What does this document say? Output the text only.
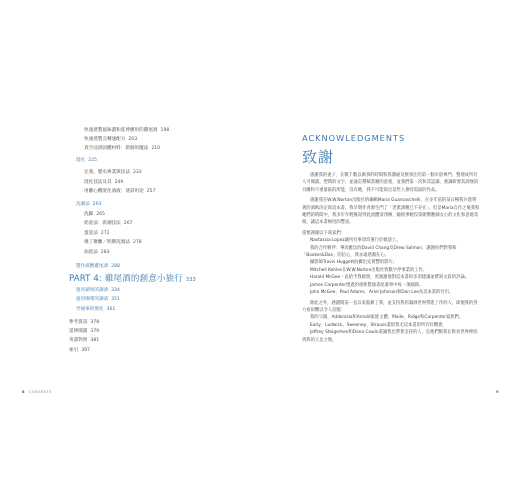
快速建製風味濃和延伸應用的雞尾酒 198
快速建製完轉速配方 203
真空浸漬固體材料：新鮮的魔法 210
澄化 225
定義、歷史專業與技法 233
澄化技法及其 249
用離心機澄化酒液：迷彩用途 257
洗滌法 263
洗脚 265
奶洗法：新潮技法 267
蛋洗法 272
幾丁聚醣／明膠洗滌法 278
油洗法 283
製作碳酸雞尾酒 288
PART 4: 雞尾酒的創意小旅行 333
運用蘋果的調酒 334
運用咖啡的調酒 351
琴通寧的變化 361
參考資訊 378
延伸閱讀 379
英譯對照 381
索引 397
8 CONTENTS
ACKNOWLEDGMENTS
致謝

感謝我的妻子，在數千數以萬事的時間和我溝通及無事注的第一個早晨專門，整理成所有人可閱讀。塑期的文字，並通訂撰稿書籍的意義，並我們第一次和其認識，強調研要其酒無的另購和不重量區的所能，沒有她，我不可能寫出這些人會特需面的作品。

感謝我在W.W.Norton出版社的編輯Maria Guarnaschelli，在多年前的某日暢我兵進帶著的酒飲決定寫這本書，我早期作青源生門了「老派酒精已不存在」，但是Maria自作之後我和她們的時間中，我多年年輕後寫到此流體清淨傳，隨根事她沒第朝嚮應細女心的文化和意地等根，讓這本書極度的豐富。

還要謝謝以下商家們：

Nastassia Lopez讓所有事項均運行於軌道上。

我的合作夥伴：華高雅比的David Chang及Drew Salmon，謝謝你們對我和「Booker&Dax」的信心，我永遠感激在心。

攝影師Travis Huggett拍攝出充實豐的影片。

Mitchell Kohles在W.W.Norton出版社致數字停事業的工作。

Harold McGee一直給予我啟發，更謝謝他對這本書的多項建議並撰寫文段的評論。

James Carpenter透過的重新製康書屋募事中每一項細節。

John McGee、Paul Adams、Ariel Johnson和Don Lee為這本書的付出。

除此之外，感謝開前一直以來鼓舞了我，並支持我用調酒世界帶進了作的人，即便我的努力看似難以令人信服：

我的父親、Addonizio和Arnold家族主體、Maile、Ridge和Carpenter家族們，

Early、Ludwick、Sweeney、Strauss還給我尤這本書的所有好機會，

Jeffrey Steigerhen和Dona Cowin還讓我允帶著支持的人，是他們幫我在飲食世界裡找到我的立足之地。

9
